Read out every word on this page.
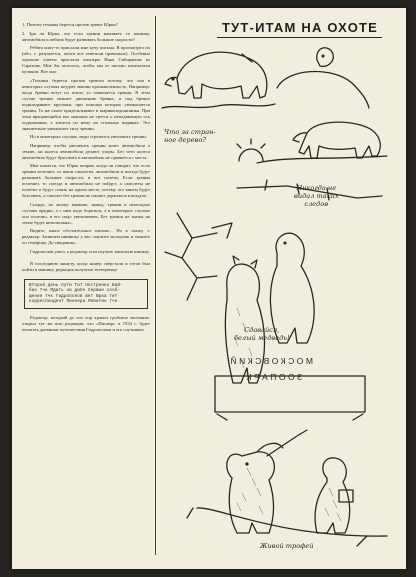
1. Почему техника берется против тревог Юрки?

2. Зря ли Юрка, что если тренин начинает, то машину, автомобили и пейзаж будут развивать большие скорости?

Ребята кому-то прислали мне кучу письма. Я просмотрел их (ибо, т. разумеется, почти все ответили правильно). Особенно хорошие ответы прислали пионеры Инна Сибирякова из Саратова. Мне бы хотелось, чтобы мы ее письмо напечатали целиком. Вот оно:

«Техника берется против тревоги потому, что она в некоторых случаях неудает машин промышленность. Например: когда бревно везут по земле, то появляется тренин. В этом случае тренин мешает движению бревна, и под бревно подкладывают кругляки, при помощи которых уменьшается тренин. То же самое придельзывают и шарикоподшипники. При этом вращающийся вал машины не трется о неподвижную ось подшипника, а катится по нему на стальных шариках. Это значительно уменьшает силу тренин.

Но в некоторых случаях люди стремятся увеличить тренин.

Например: чтобы увеличить тренин колес автомобиля о землю, на колеса автомобиля делают узоры. Без чего колеса автомобиля будут буксовать и автомобиль не сдвинется с места.

Мне кажется, что Юрко неправ, когда он говорит, что если тренин исчезнет, то наши самолеты, автомобили и поезда будут развивать большие скорости, и вот почему. Если тренин исчезнет, то поезда и автомобили не пойдут, а самолеты не полетят и будут стоять на одном месте, потому что винты будут буксовать, а самолет без тренин не сможет держаться в воздухе.

Спордь, по моему мнению, вывод: тренин в некоторых случаях вредно, а с ним надо бороться, а в некоторых случаях оно полезно, и его надо увеличивать. Без тренин не жизнь на земле будет невозможна».

Видите, какое обстоятельное письмо... Но я скажу, т. редактор. Запишем ниниюку у вас: научите молодчик и звоните по телефону. До свидания».

Гидрополов ушел, а редактор стал изучать записную книжку.

В последнюю минуту, когда номер сверстали и готов был пойти в машину, редакция получила телеграмму:

Второй день пути Тит Нестренко Бай-
бао тчк Мдить на дипе первые сооб-
щения тчк Гидрополов вет Юрка тит
корреспондент Пионера Левитин тчк

Редактор, который до сих пор хранил гробовое молчание, открыл тут же всю редакции, что «Пионер» в 1934 г. будет печатать дневники путешествия Гидрополова и его спутников.

ТУТ-ИТАМ НА ОХОТЕ
Что за стран-
ное дерево?
Никогда не
видал таких
следов
Сдавайся,
белый медведь!
МОСКОВСКИЙ
ЗООПАРК
Живой трофей
